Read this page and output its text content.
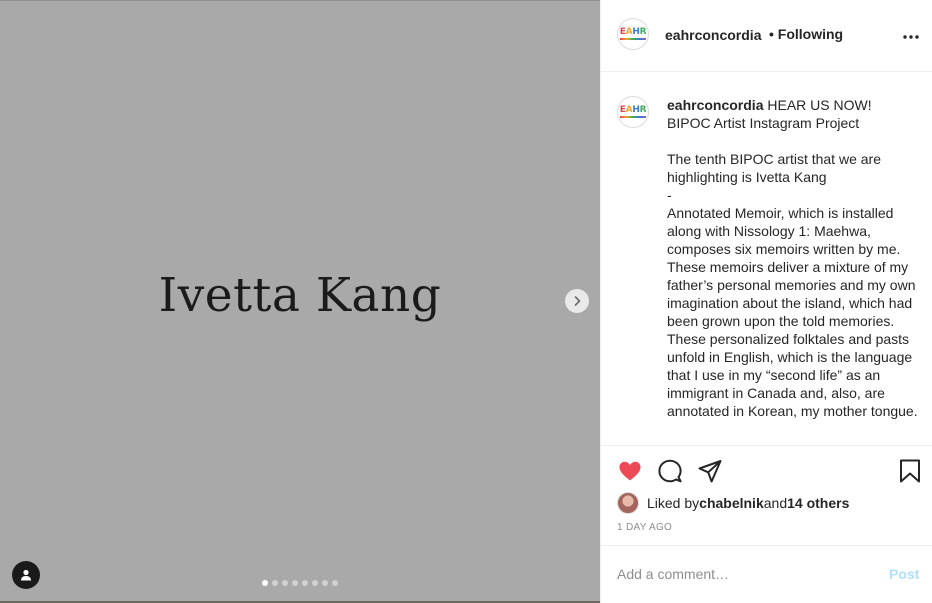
Ivetta Kang
EAHR eahrconcordia • Following
EAHR eahrconcordia HEAR US NOW!
BIPOC Artist Instagram Project

The tenth BIPOC artist that we are highlighting is Ivetta Kang
-
Annotated Memoir, which is installed along with Nissology 1: Maehwa, composes six memoirs written by me. These memoirs deliver a mixture of my father’s personal memories and my own imagination about the island, which had been grown upon the told memories. These personalized folktales and pasts unfold in English, which is the language that I use in my “second life” as an immigrant in Canada and, also, are annotated in Korean, my mother tongue.
Liked by chabelnik and 14 others
1 DAY AGO
Add a comment…
Post
